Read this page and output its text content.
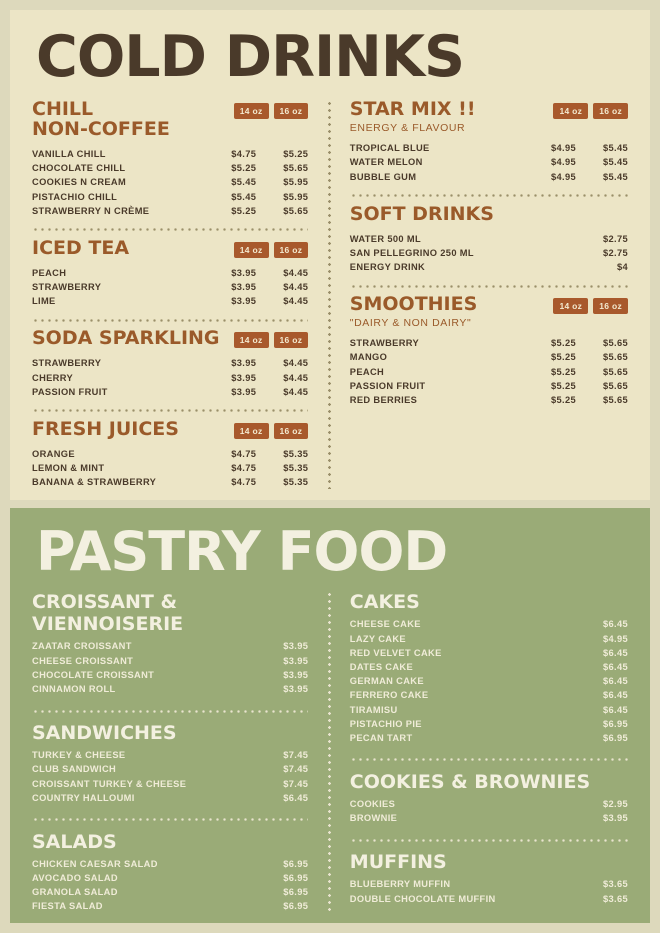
COLD DRINKS
CHILL
NON-COFFEE
14 oz	16 oz
VANILLA CHILL	$4.75	$5.25
CHOCOLATE CHILL	$5.25	$5.65
COOKIES N CREAM	$5.45	$5.95
PISTACHIO CHILL	$5.45	$5.95
STRAWBERRY N CRÈME	$5.25	$5.65
ICED TEA	14 oz	16 oz
PEACH	$3.95	$4.45
STRAWBERRY	$3.95	$4.45
LIME	$3.95	$4.45
SODA SPARKLING	14 oz	16 oz
STRAWBERRY	$3.95	$4.45
CHERRY	$3.95	$4.45
PASSION FRUIT	$3.95	$4.45
FRESH JUICES	14 oz	16 oz
ORANGE	$4.75	$5.35
LEMON & MINT	$4.75	$5.35
BANANA & STRAWBERRY	$4.75	$5.35
STAR MIX !!
ENERGY & FLAVOUR
14 oz	16 oz
TROPICAL BLUE	$4.95	$5.45
WATER MELON	$4.95	$5.45
BUBBLE GUM	$4.95	$5.45
SOFT DRINKS
WATER 500 ML	$2.75
SAN PELLEGRINO 250 ML	$2.75
ENERGY DRINK	$4
SMOOTHIES
"DAIRY & NON DAIRY"
14 oz	16 oz
STRAWBERRY	$5.25	$5.65
MANGO	$5.25	$5.65
PEACH	$5.25	$5.65
PASSION FRUIT	$5.25	$5.65
RED BERRIES	$5.25	$5.65
PASTRY FOOD
CROISSANT & VIENNOISERIE
ZAATAR CROISSANT	$3.95
CHEESE CROISSANT	$3.95
CHOCOLATE CROISSANT	$3.95
CINNAMON ROLL	$3.95
SANDWICHES
TURKEY & CHEESE	$7.45
CLUB SANDWICH	$7.45
CROISSANT TURKEY & CHEESE	$7.45
COUNTRY HALLOUMI	$6.45
SALADS
CHICKEN CAESAR SALAD	$6.95
AVOCADO SALAD	$6.95
GRANOLA SALAD	$6.95
FIESTA SALAD	$6.95
CAKES
CHEESE CAKE	$6.45
LAZY CAKE	$4.95
RED VELVET CAKE	$6.45
DATES CAKE	$6.45
GERMAN CAKE	$6.45
FERRERO CAKE	$6.45
TIRAMISU	$6.45
PISTACHIO PIE	$6.95
PECAN TART	$6.95
COOKIES & BROWNIES
COOKIES	$2.95
BROWNIE	$3.95
MUFFINS
BLUEBERRY MUFFIN	$3.65
DOUBLE CHOCOLATE MUFFIN	$3.65
